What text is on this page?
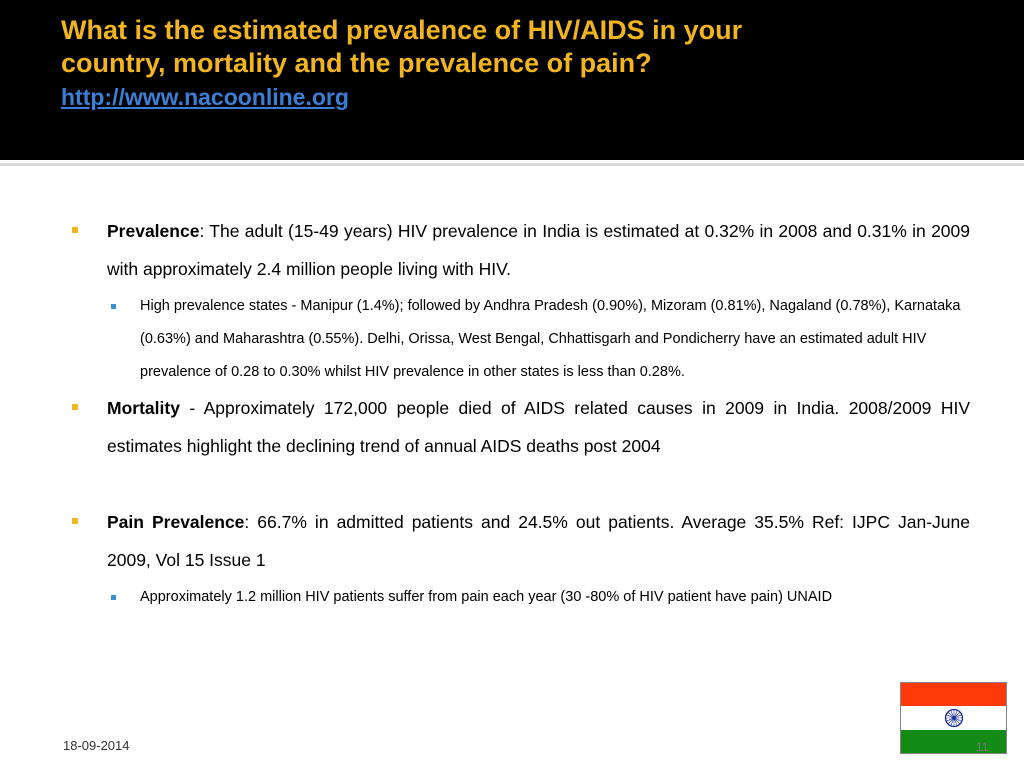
What is the estimated prevalence of HIV/AIDS in your
country, mortality and the prevalence of pain?
http://www.nacoonline.org
Prevalence: The adult (15-49 years) HIV prevalence in India is estimated at 0.32% in 2008 and 0.31% in 2009 with approximately 2.4 million people living with HIV.
High prevalence states - Manipur (1.4%); followed by Andhra Pradesh (0.90%), Mizoram (0.81%), Nagaland (0.78%), Karnataka (0.63%) and Maharashtra (0.55%). Delhi, Orissa, West Bengal, Chhattisgarh and Pondicherry have an estimated adult HIV prevalence of 0.28 to 0.30% whilst HIV prevalence in other states is less than 0.28%.
Mortality - Approximately 172,000 people died of AIDS related causes in 2009 in India. 2008/2009 HIV estimates highlight the declining trend of annual AIDS deaths post 2004
Pain Prevalence: 66.7% in admitted patients and 24.5% out patients. Average 35.5% Ref: IJPC Jan-June 2009, Vol 15 Issue 1
Approximately 1.2 million HIV patients suffer from pain each year (30 -80% of HIV patient have pain) UNAID
18-09-2014	11
